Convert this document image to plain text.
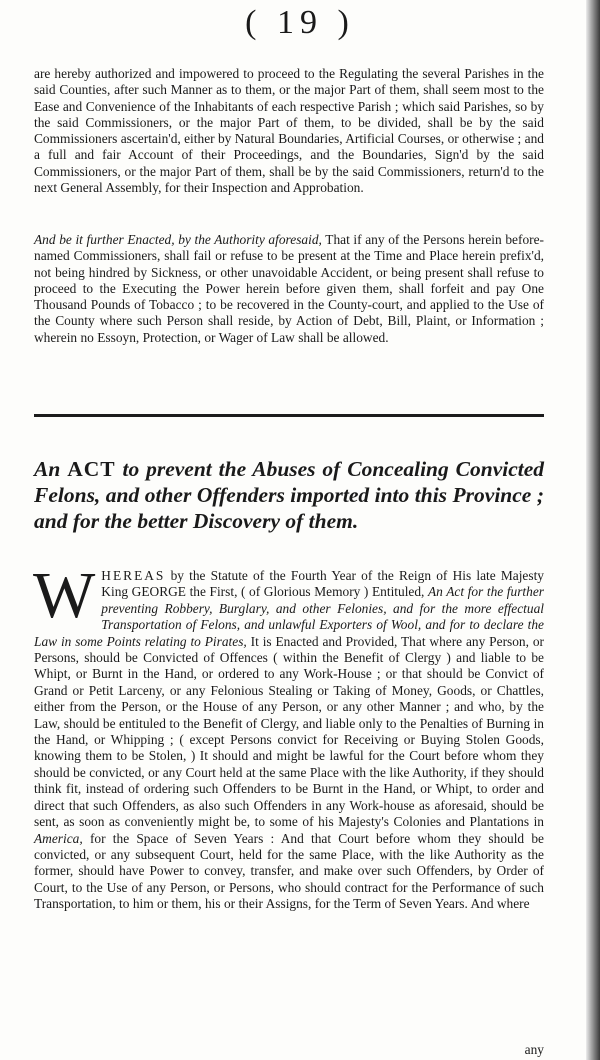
( 19 )

are hereby authorized and impowered to proceed to the Regulating the several Parishes in the said Counties, after such Manner as to them, or the major Part of them, shall seem most to the Ease and Convenience of the Inhabitants of each respective Parish ; which said Parishes, so by the said Commissioners, or the major Part of them, to be divided, shall be by the said Commissioners ascertain'd, either by Natural Boundaries, Artificial Courses, or otherwise ; and a full and fair Account of their Proceedings, and the Boundaries, Sign'd by the said Commissioners, or the major Part of them, shall be by the said Commissioners, return'd to the next General Assembly, for their Inspection and Approbation.

And be it further Enacted, by the Authority aforesaid, That if any of the Persons herein before-named Commissioners, shall fail or refuse to be present at the Time and Place herein prefix'd, not being hindred by Sickness, or other unavoidable Accident, or being present shall refuse to proceed to the Executing the Power herein before given them, shall forfeit and pay One Thousand Pounds of Tobacco ; to be recovered in the County-court, and applied to the Use of the County where such Person shall reside, by Action of Debt, Bill, Plaint, or Information ; wherein no Essoyn, Protection, or Wager of Law shall be allowed.

An ACT to prevent the Abuses of Concealing Convicted Felons, and other Offenders imported into this Province ; and for the better Discovery of them.

WHEREAS by the Statute of the Fourth Year of the Reign of His late Majesty King GEORGE the First, ( of Glorious Memory ) Entituled, An Act for the further preventing Robbery, Burglary, and other Felonies, and for the more effectual Transportation of Felons, and unlawful Exporters of Wool, and for to declare the Law in some Points relating to Pirates, It is Enacted and Provided, That where any Person, or Persons, should be Convicted of Offences ( within the Benefit of Clergy ) and liable to be Whipt, or Burnt in the Hand, or ordered to any Work-House ; or that should be Convict of Grand or Petit Larceny, or any Felonious Stealing or Taking of Money, Goods, or Chattles, either from the Person, or the House of any Person, or any other Manner ; and who, by the Law, should be entituled to the Benefit of Clergy, and liable only to the Penalties of Burning in the Hand, or Whipping ; ( except Persons convict for Receiving or Buying Stolen Goods, knowing them to be Stolen, ) It should and might be lawful for the Court before whom they should be convicted, or any Court held at the same Place with the like Authority, if they should think fit, instead of ordering such Offenders to be Burnt in the Hand, or Whipt, to order and direct that such Offenders, as also such Offenders in any Work-house as aforesaid, should be sent, as soon as conveniently might be, to some of his Majesty's Colonies and Plantations in America, for the Space of Seven Years : And that Court before whom they should be convicted, or any subsequent Court, held for the same Place, with the like Authority as the former, should have Power to convey, transfer, and make over such Offenders, by Order of Court, to the Use of any Person, or Persons, who should contract for the Performance of such Transportation, to him or them, his or their Assigns, for the Term of Seven Years. And where

any
